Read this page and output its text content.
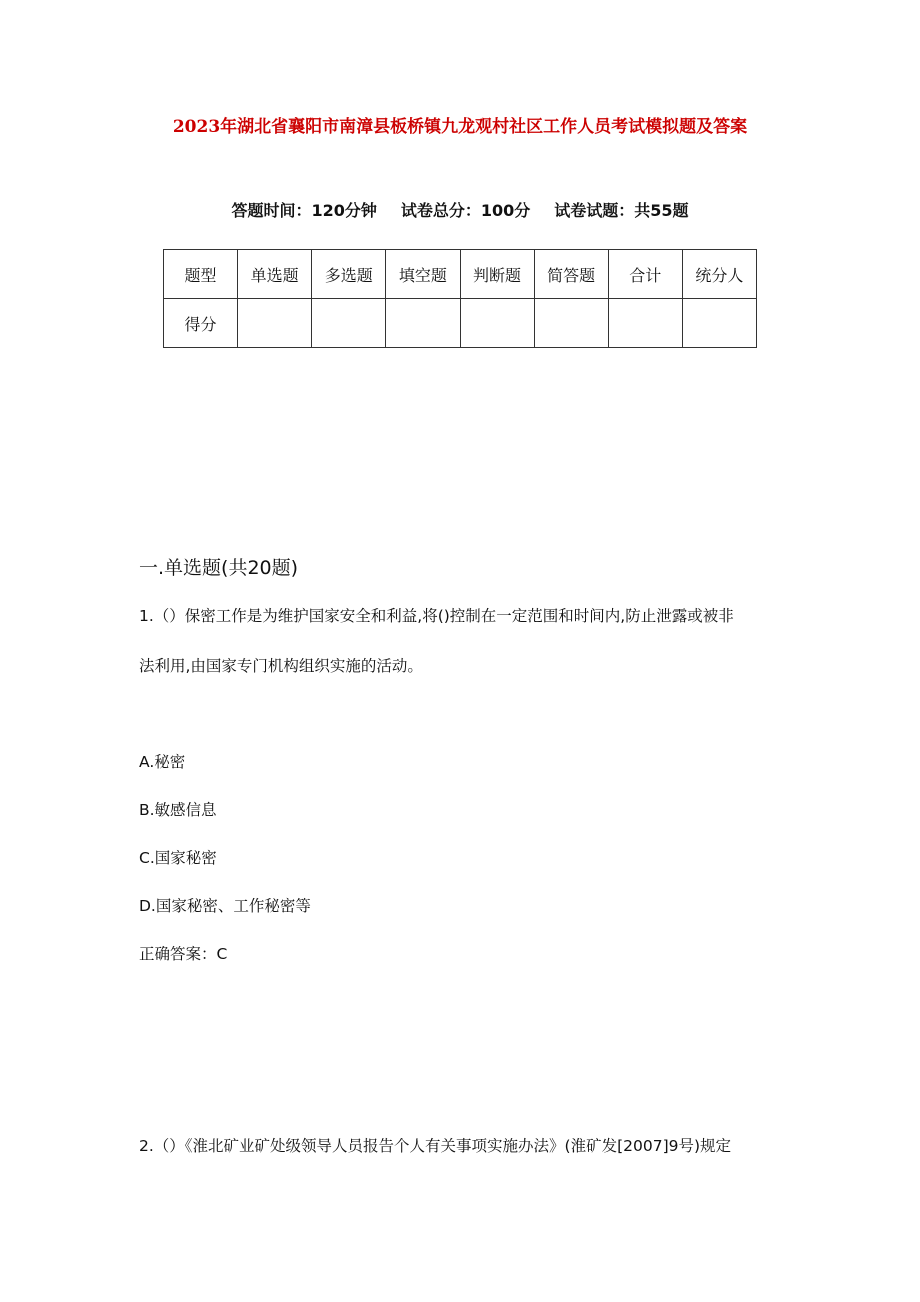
2023年湖北省襄阳市南漳县板桥镇九龙观村社区工作人员考试模拟题及答案
答题时间：120分钟 试卷总分：100分 试卷试题：共55题
题型	单选题	多选题	填空题	判断题	简答题	合计	统分人
得分							
一.单选题(共20题)
1.（）保密工作是为维护国家安全和利益,将()控制在一定范围和时间内,防止泄露或被非
法利用,由国家专门机构组织实施的活动。
A.秘密
B.敏感信息
C.国家秘密
D.国家秘密、工作秘密等
正确答案：C
2.（）《淮北矿业矿处级领导人员报告个人有关事项实施办法》(淮矿发[2007]9号)规定
